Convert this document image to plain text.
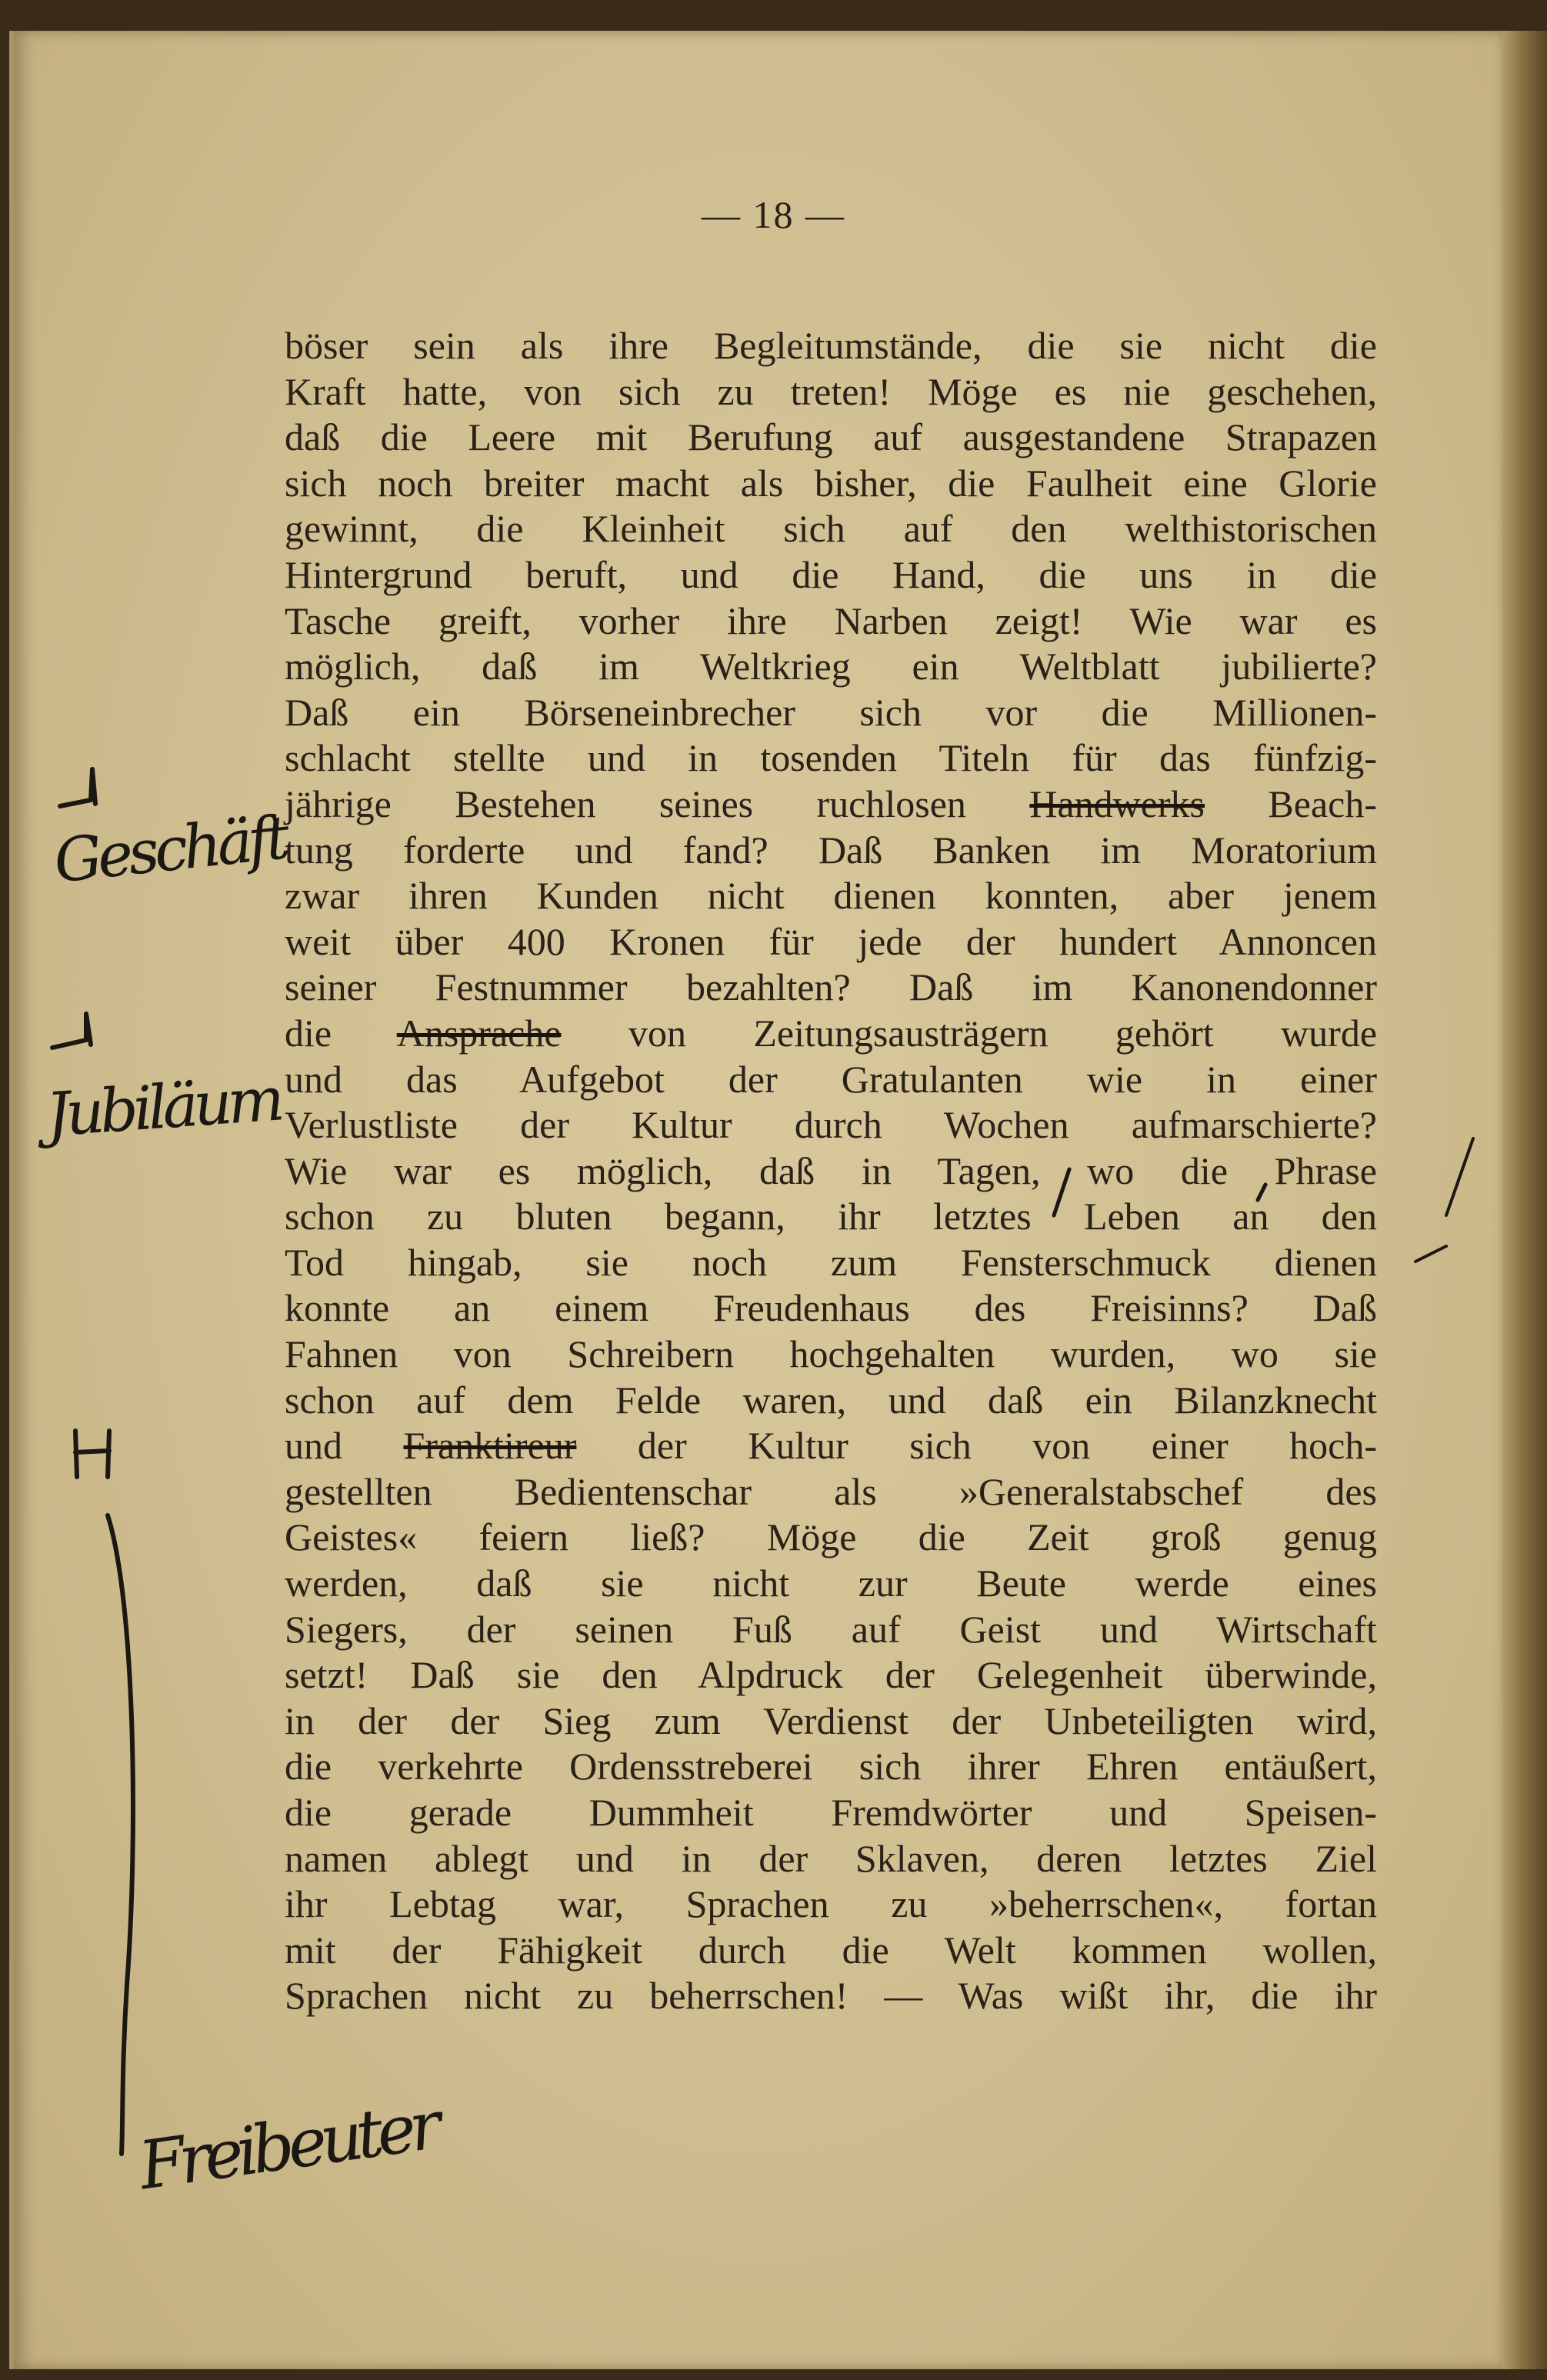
— 18 —
böser sein als ihre Begleitumstände, die sie nicht die
Kraft hatte, von sich zu treten! Möge es nie geschehen,
daß die Leere mit Berufung auf ausgestandene Strapazen
sich noch breiter macht als bisher, die Faulheit eine Glorie
gewinnt, die Kleinheit sich auf den welthistorischen
Hintergrund beruft, und die Hand, die uns in die
Tasche greift, vorher ihre Narben zeigt! Wie war es
möglich, daß im Weltkrieg ein Weltblatt jubilierte?
Daß ein Börseneinbrecher sich vor die Millionen-
schlacht stellte und in tosenden Titeln für das fünfzig-
jährige Bestehen seines ruchlosen Handwerks Beach-
tung forderte und fand? Daß Banken im Moratorium
zwar ihren Kunden nicht dienen konnten, aber jenem
weit über 400 Kronen für jede der hundert Annoncen
seiner Festnummer bezahlten? Daß im Kanonendonner
die Ansprache von Zeitungsausträgern gehört wurde
und das Aufgebot der Gratulanten wie in einer
Verlustliste der Kultur durch Wochen aufmarschierte?
Wie war es möglich, daß in Tagen, wo die Phrase
schon zu bluten begann, ihr letztes Leben an den
Tod hingab, sie noch zum Fensterschmuck dienen
konnte an einem Freudenhaus des Freisinns? Daß
Fahnen von Schreibern hochgehalten wurden, wo sie
schon auf dem Felde waren, und daß ein Bilanzknecht
und Franktireur der Kultur sich von einer hoch-
gestellten Bedientenschar als »Generalstabschef des
Geistes« feiern ließ? Möge die Zeit groß genug
werden, daß sie nicht zur Beute werde eines
Siegers, der seinen Fuß auf Geist und Wirtschaft
setzt! Daß sie den Alpdruck der Gelegenheit überwinde,
in der der Sieg zum Verdienst der Unbeteiligten wird,
die verkehrte Ordensstreberei sich ihrer Ehren entäußert,
die gerade Dummheit Fremdwörter und Speisen-
namen ablegt und in der Sklaven, deren letztes Ziel
ihr Lebtag war, Sprachen zu »beherrschen«, fortan
mit der Fähigkeit durch die Welt kommen wollen,
Sprachen nicht zu beherrschen! — Was wißt ihr, die ihr
Geschäft
Jubiläum
Freibeuter
